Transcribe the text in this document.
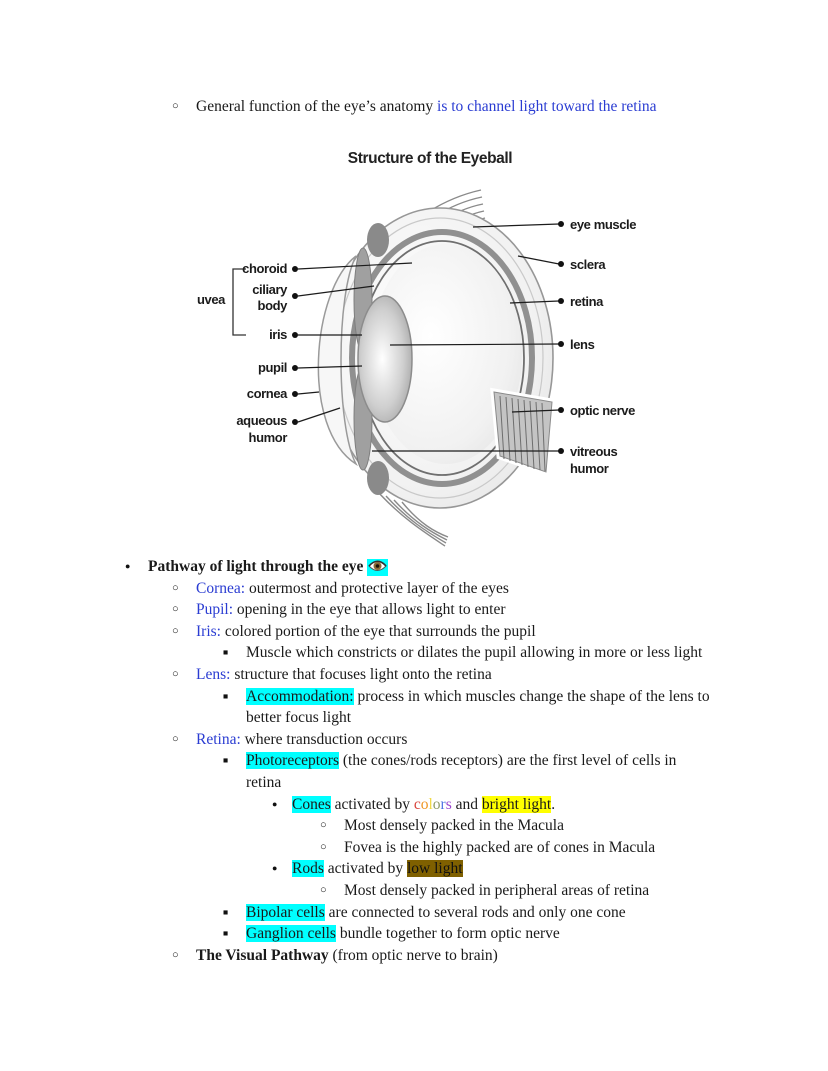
○ General function of the eye’s anatomy is to channel light toward the retina
Structure of the Eyeball
choroid
ciliary
body
iris
pupil
cornea
aqueous
humor
uvea
eye muscle
sclera
retina
lens
optic nerve
vitreous
humor
● Pathway of light through the eye
○ Cornea: outermost and protective layer of the eyes
○ Pupil: opening in the eye that allows light to enter
○ Iris: colored portion of the eye that surrounds the pupil
■ Muscle which constricts or dilates the pupil allowing in more or less light
○ Lens: structure that focuses light onto the retina
■ Accommodation: process in which muscles change the shape of the lens to
better focus light
○ Retina: where transduction occurs
■ Photoreceptors (the cones/rods receptors) are the first level of cells in
retina
● Cones activated by colors and bright light.
○ Most densely packed in the Macula
○ Fovea is the highly packed are of cones in Macula
● Rods activated by low light
○ Most densely packed in peripheral areas of retina
■ Bipolar cells are connected to several rods and only one cone
■ Ganglion cells bundle together to form optic nerve
○ The Visual Pathway (from optic nerve to brain)
